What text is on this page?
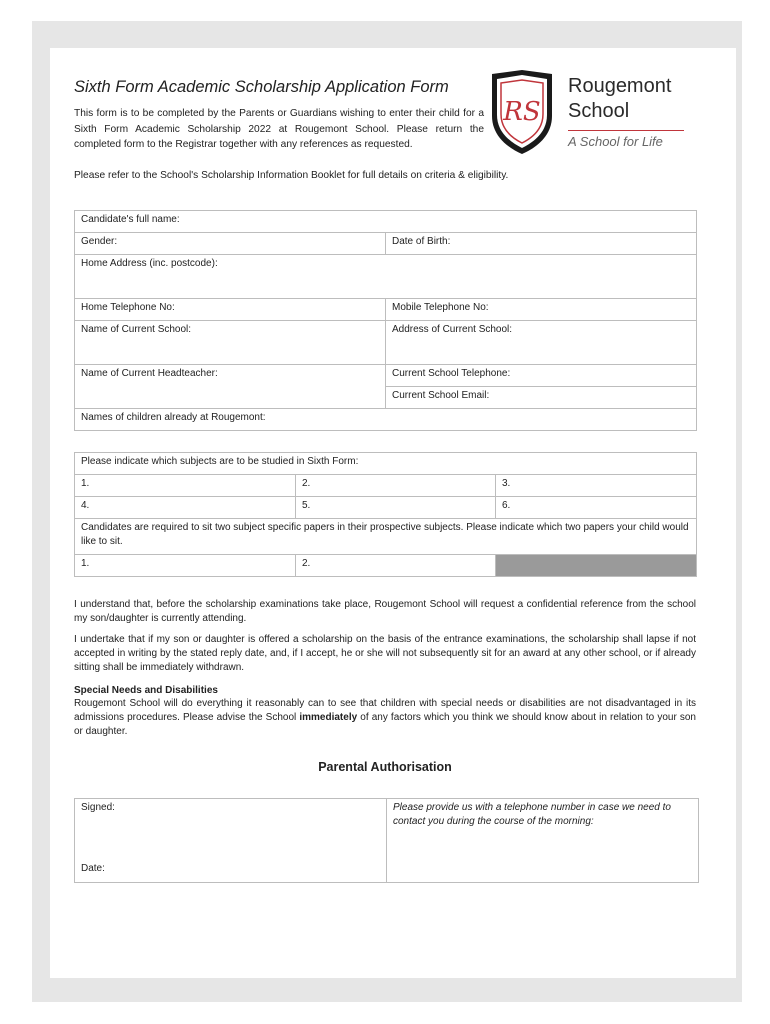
Sixth Form Academic Scholarship Application Form
This form is to be completed by the Parents or Guardians wishing to enter their child for a Sixth Form Academic Scholarship 2022 at Rougemont School. Please return the completed form to the Registrar together with any references as requested.
Please refer to the School's Scholarship Information Booklet for full details on criteria & eligibility.
RS
Rougemont
School
A School for Life
Candidate's full name:	
Gender:	Date of Birth:
Home Address (inc. postcode):	
Home Telephone No:	Mobile Telephone No:
Name of Current School:	Address of Current School:
Name of Current Headteacher:	Current School Telephone:
	Current School Email:
Names of children already at Rougemont:	
Please indicate which subjects are to be studied in Sixth Form:		
1.	2.	3.
4.	5.	6.
Candidates are required to sit two subject specific papers in their prospective subjects. Please indicate which two papers your child would like to sit.		
1.	2.	
I understand that, before the scholarship examinations take place, Rougemont School will request a confidential reference from the school my son/daughter is currently attending.
I undertake that if my son or daughter is offered a scholarship on the basis of the entrance examinations, the scholarship shall lapse if not accepted in writing by the stated reply date, and, if I accept, he or she will not subsequently sit for an award at any other school, or if already sitting shall be immediately withdrawn.
Special Needs and Disabilities
Rougemont School will do everything it reasonably can to see that children with special needs or disabilities are not disadvantaged in its admissions procedures. Please advise the School immediately of any factors which you think we should know about in relation to your son or daughter.
Parental Authorisation
Signed:
Date:
	Please provide us with a telephone number in case we need to contact you during the course of the morning:
